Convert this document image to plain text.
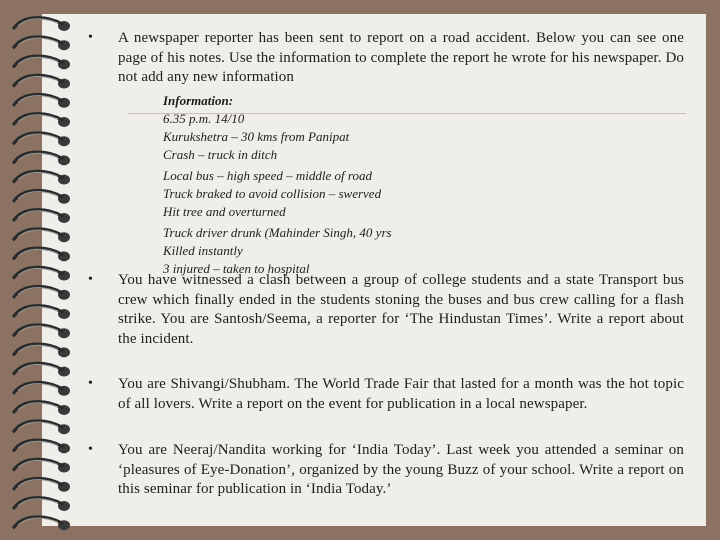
• A newspaper reporter has been sent to report on a road accident. Below you can see one page of his notes. Use the information to complete the report he wrote for his newspaper. Do not add any new information
Information:
6.35 p.m. 14/10
Kurukshetra – 30 kms from Panipat
Crash – truck in ditch
Local bus – high speed – middle of road
Truck braked to avoid collision – swerved
Hit tree and overturned
Truck driver drunk (Mahinder Singh, 40 yrs
Killed instantly
3 injured – taken to hospital
• You have witnessed a clash between a group of college students and a state Transport bus crew which finally ended in the students stoning the buses and bus crew calling for a flash strike. You are Santosh/Seema, a reporter for ‘The Hindustan Times’. Write a report about the incident.
• You are Shivangi/Shubham. The World Trade Fair that lasted for a month was the hot topic of all lovers. Write a report on the event for publication in a local newspaper.
• You are Neeraj/Nandita working for ‘India Today’. Last week you attended a seminar on ‘pleasures of Eye-Donation’, organized by the young Buzz of your school. Write a report on this seminar for publication in ‘India Today.’
